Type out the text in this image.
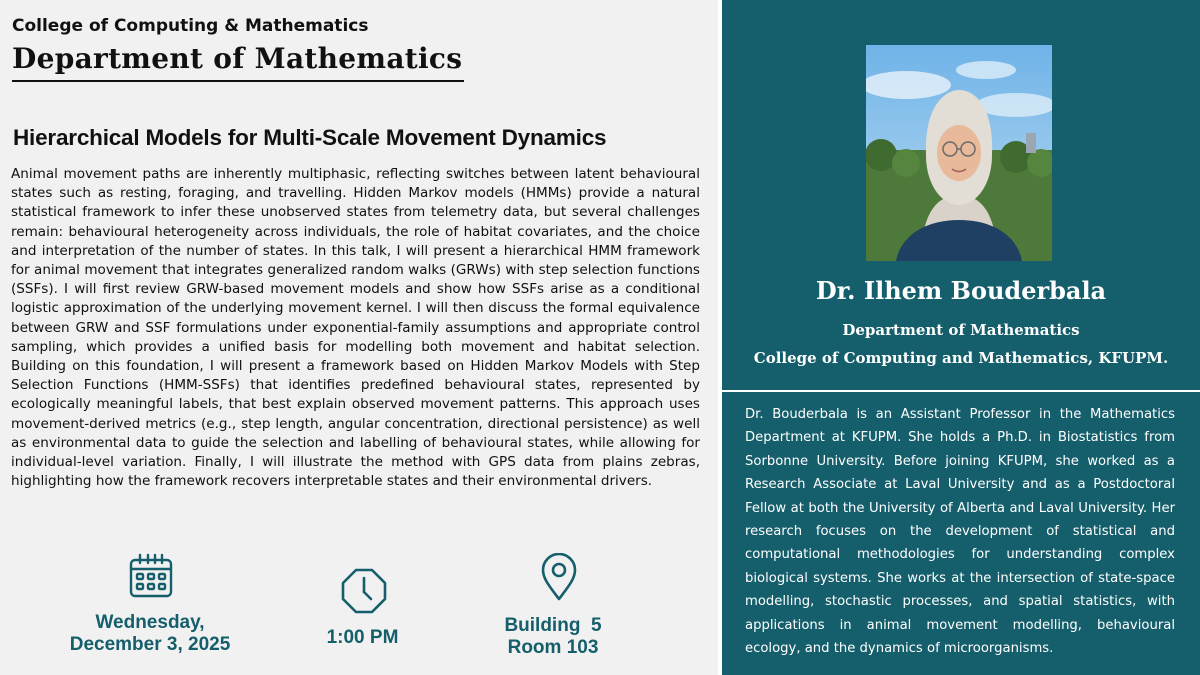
College of Computing & Mathematics
Department of Mathematics
Hierarchical Models for Multi-Scale Movement Dynamics
Animal movement paths are inherently multiphasic, reflecting switches between latent behavioural states such as resting, foraging, and travelling. Hidden Markov models (HMMs) provide a natural statistical framework to infer these unobserved states from telemetry data, but several challenges remain: behavioural heterogeneity across individuals, the role of habitat covariates, and the choice and interpretation of the number of states. In this talk, I will present a hierarchical HMM framework for animal movement that integrates generalized random walks (GRWs) with step selection functions (SSFs). I will first review GRW-based movement models and show how SSFs arise as a conditional logistic approximation of the underlying movement kernel. I will then discuss the formal equivalence between GRW and SSF formulations under exponential-family assumptions and appropriate control sampling, which provides a unified basis for modelling both movement and habitat selection. Building on this foundation, I will present a framework based on Hidden Markov Models with Step Selection Functions (HMM-SSFs) that identifies predefined behavioural states, represented by ecologically meaningful labels, that best explain observed movement patterns. This approach uses movement-derived metrics (e.g., step length, angular concentration, directional persistence) as well as environmental data to guide the selection and labelling of behavioural states, while allowing for individual-level variation. Finally, I will illustrate the method with GPS data from plains zebras, highlighting how the framework recovers interpretable states and their environmental drivers.
Wednesday,
December 3, 2025	1:00 PM
Building  5
Room 103
Dr. Ilhem Bouderbala
Department of Mathematics
College of Computing and Mathematics, KFUPM.
Dr. Bouderbala is an Assistant Professor in the Mathematics Department at KFUPM. She holds a Ph.D. in Biostatistics from Sorbonne University. Before joining KFUPM, she worked as a Research Associate at Laval University and as a Postdoctoral Fellow at both the University of Alberta and Laval University. Her research focuses on the development of statistical and computational methodologies for understanding complex biological systems. She works at the intersection of state-space modelling, stochastic processes, and spatial statistics, with applications in animal movement modelling, behavioural ecology, and the dynamics of microorganisms.
